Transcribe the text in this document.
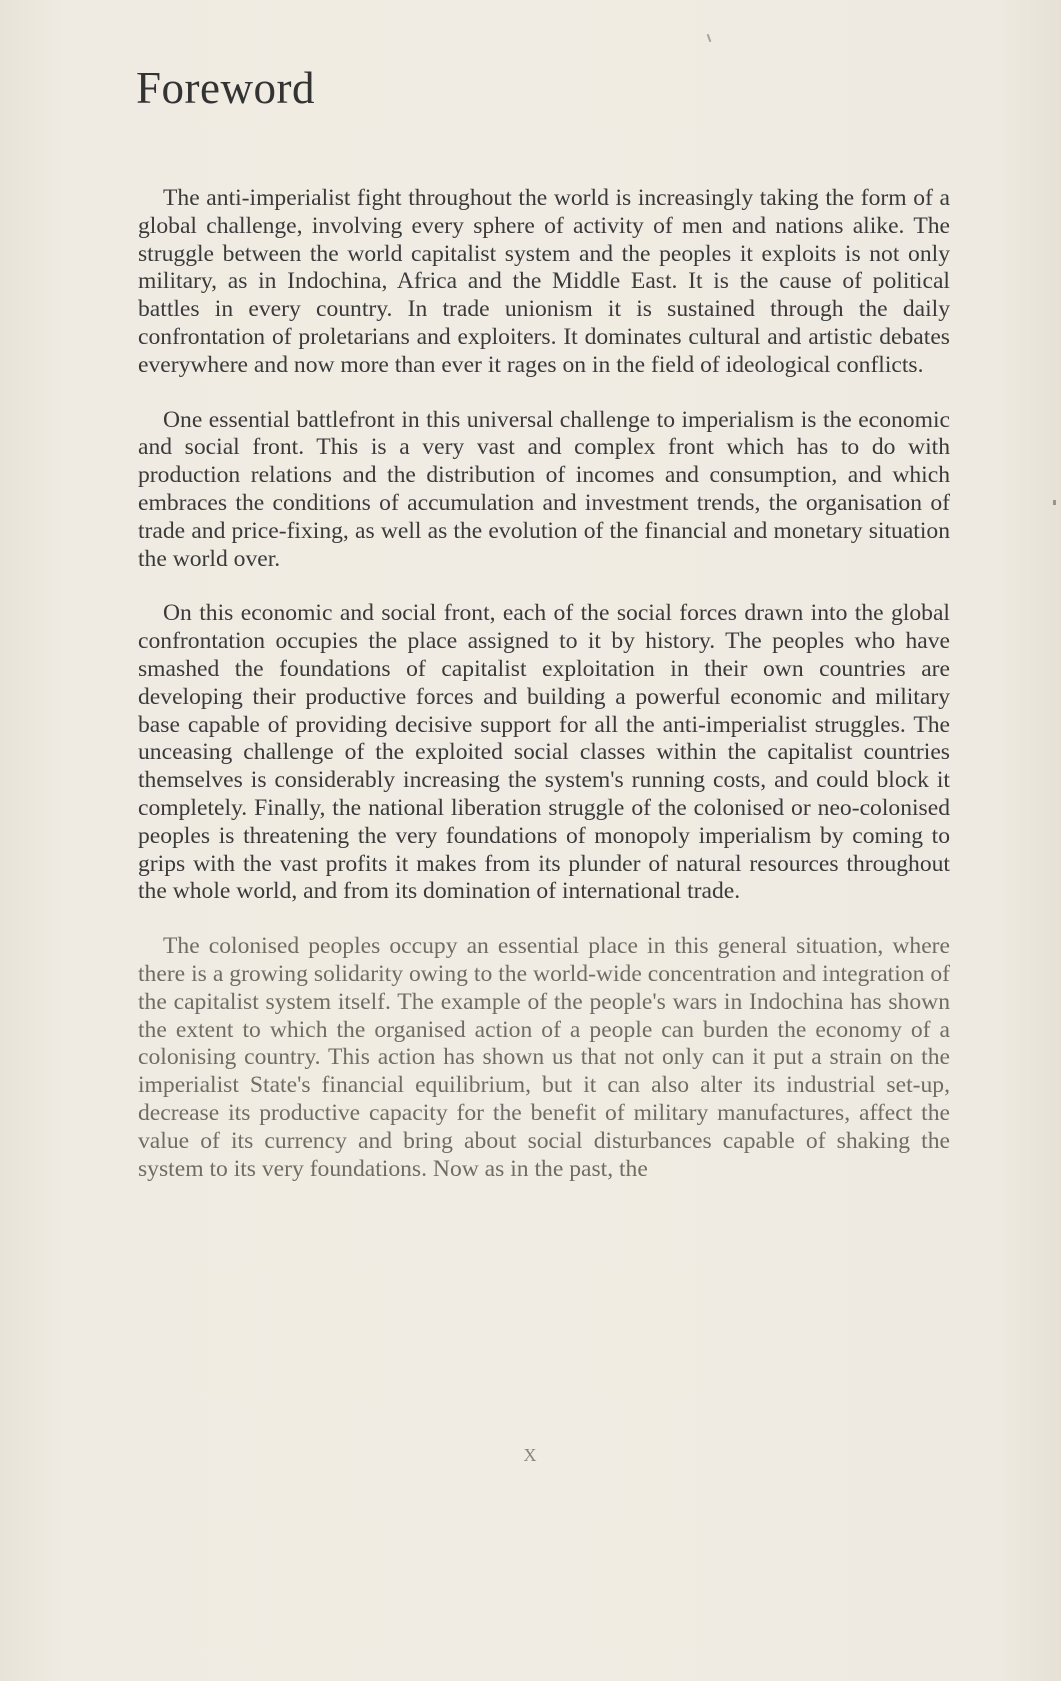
Foreword

The anti-imperialist fight throughout the world is increasingly taking the form of a global challenge, involving every sphere of activity of men and nations alike. The struggle between the world capitalist system and the peoples it exploits is not only military, as in Indochina, Africa and the Middle East. It is the cause of political battles in every country. In trade unionism it is sustained through the daily confrontation of proletarians and exploiters. It dominates cultural and artistic debates everywhere and now more than ever it rages on in the field of ideological conflicts.

One essential battlefront in this universal challenge to imperialism is the economic and social front. This is a very vast and complex front which has to do with production relations and the distribution of incomes and consumption, and which embraces the conditions of accumulation and investment trends, the organisation of trade and price-fixing, as well as the evolution of the financial and monetary situation the world over.

On this economic and social front, each of the social forces drawn into the global confrontation occupies the place assigned to it by history. The peoples who have smashed the foundations of capitalist exploitation in their own countries are developing their productive forces and building a powerful economic and military base capable of providing decisive support for all the anti-imperialist struggles. The unceasing challenge of the exploited social classes within the capitalist countries themselves is considerably increasing the system's running costs, and could block it completely. Finally, the national liberation struggle of the colonised or neo-colonised peoples is threatening the very foundations of monopoly imperialism by coming to grips with the vast profits it makes from its plunder of natural resources throughout the whole world, and from its domination of international trade.

The colonised peoples occupy an essential place in this general situation, where there is a growing solidarity owing to the world-wide concentration and integration of the capitalist system itself. The example of the people's wars in Indochina has shown the extent to which the organised action of a people can burden the economy of a colonising country. This action has shown us that not only can it put a strain on the imperialist State's financial equilibrium, but it can also alter its industrial set-up, decrease its productive capacity for the benefit of military manufactures, affect the value of its currency and bring about social disturbances capable of shaking the system to its very foundations. Now as in the past, the

X
